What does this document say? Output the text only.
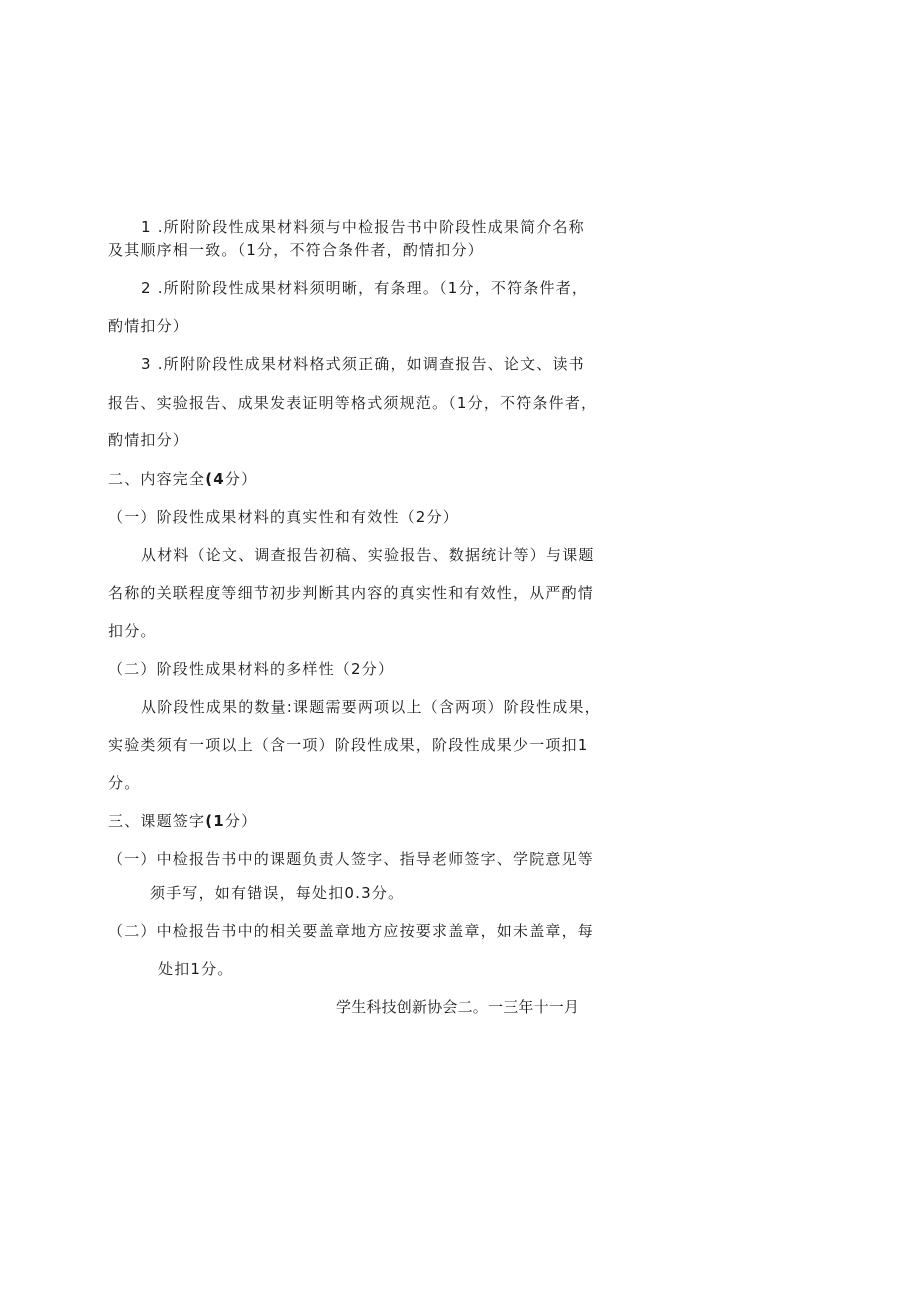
1 .所附阶段性成果材料须与中检报告书中阶段性成果简介名称
及其顺序相一致。（1分，不符合条件者，酌情扣分）
2 .所附阶段性成果材料须明晰，有条理。（1分，不符条件者，
酌情扣分）
3 .所附阶段性成果材料格式须正确，如调查报告、论文、读书
报告、实验报告、成果发表证明等格式须规范。（1分，不符条件者，
酌情扣分）
二、内容完全(4分）
（一）阶段性成果材料的真实性和有效性（2分）
从材料（论文、调查报告初稿、实验报告、数据统计等）与课题
名称的关联程度等细节初步判断其内容的真实性和有效性，从严酌情
扣分。
（二）阶段性成果材料的多样性（2分）
从阶段性成果的数量:课题需要两项以上（含两项）阶段性成果，
实验类须有一项以上（含一项）阶段性成果，阶段性成果少一项扣1
分。
三、课题签字(1分）
（一）中检报告书中的课题负责人签字、指导老师签字、学院意见等
须手写，如有错误，每处扣0.3分。
（二）中检报告书中的相关要盖章地方应按要求盖章，如未盖章，每
处扣1分。
学生科技创新协会二。一三年十一月
